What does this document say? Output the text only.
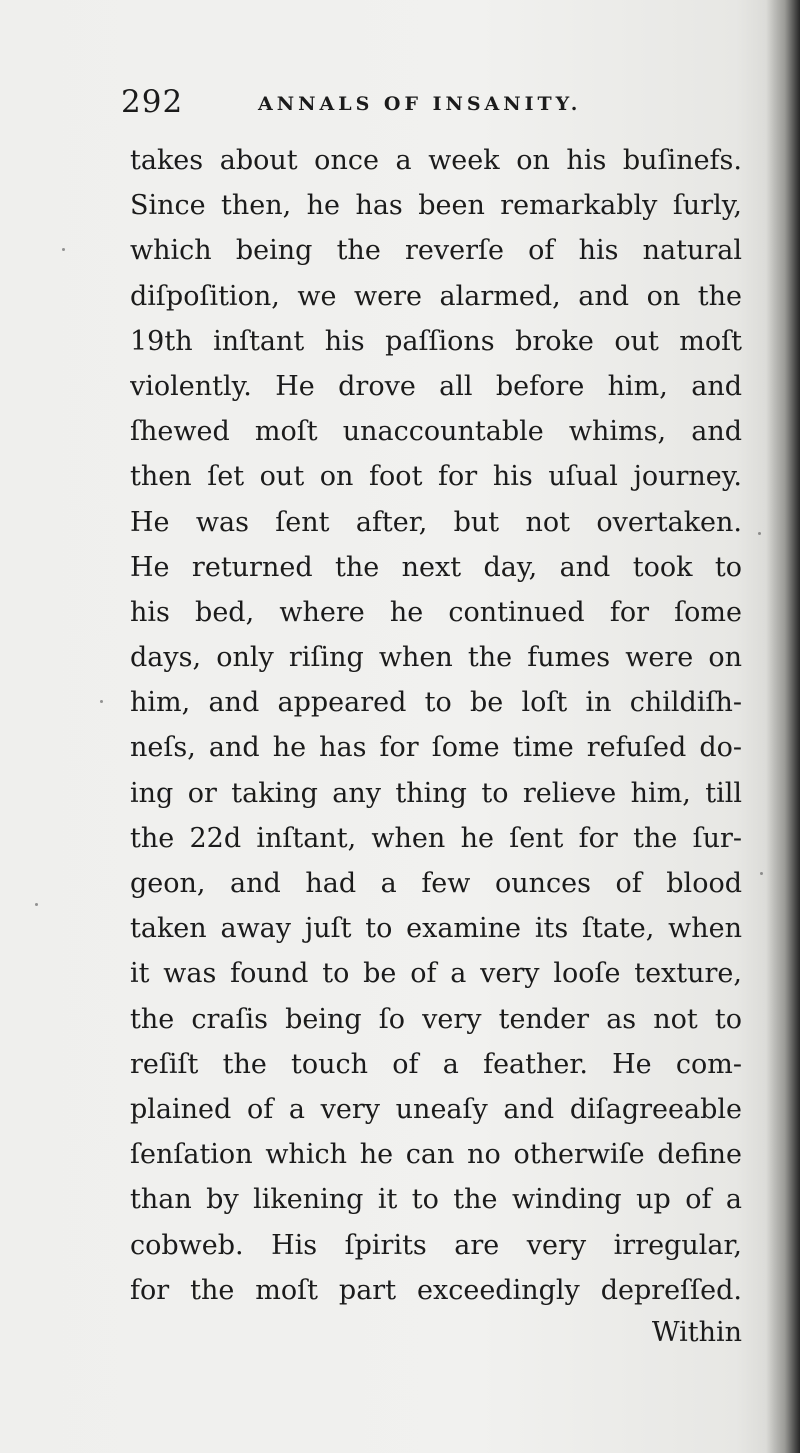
292	ANNALS OF INSANITY.
takes about once a week on his buſinefs.
Since then, he has been remarkably ſurly,
which being the reverſe of his natural
diſpoſition, we were alarmed, and on the
19th inſtant his paſſions broke out moſt
violently. He drove all before him, and
ſhewed moſt unaccountable whims, and
then ſet out on foot for his uſual journey.
He was ſent after, but not overtaken.
He returned the next day, and took to
his bed, where he continued for ſome
days, only riſing when the fumes were on
him, and appeared to be loſt in childiſh-
neſs, and he has for ſome time refuſed do-
ing or taking any thing to relieve him, till
the 22d inſtant, when he ſent for the ſur-
geon, and had a few ounces of blood
taken away juſt to examine its ſtate, when
it was found to be of a very looſe texture,
the craſis being ſo very tender as not to
reſiſt the touch of a feather. He com-
plained of a very uneaſy and diſagreeable
ſenſation which he can no otherwiſe define
than by likening it to the winding up of a
cobweb. His ſpirits are very irregular,
for the moſt part exceedingly depreſſed.
Within
